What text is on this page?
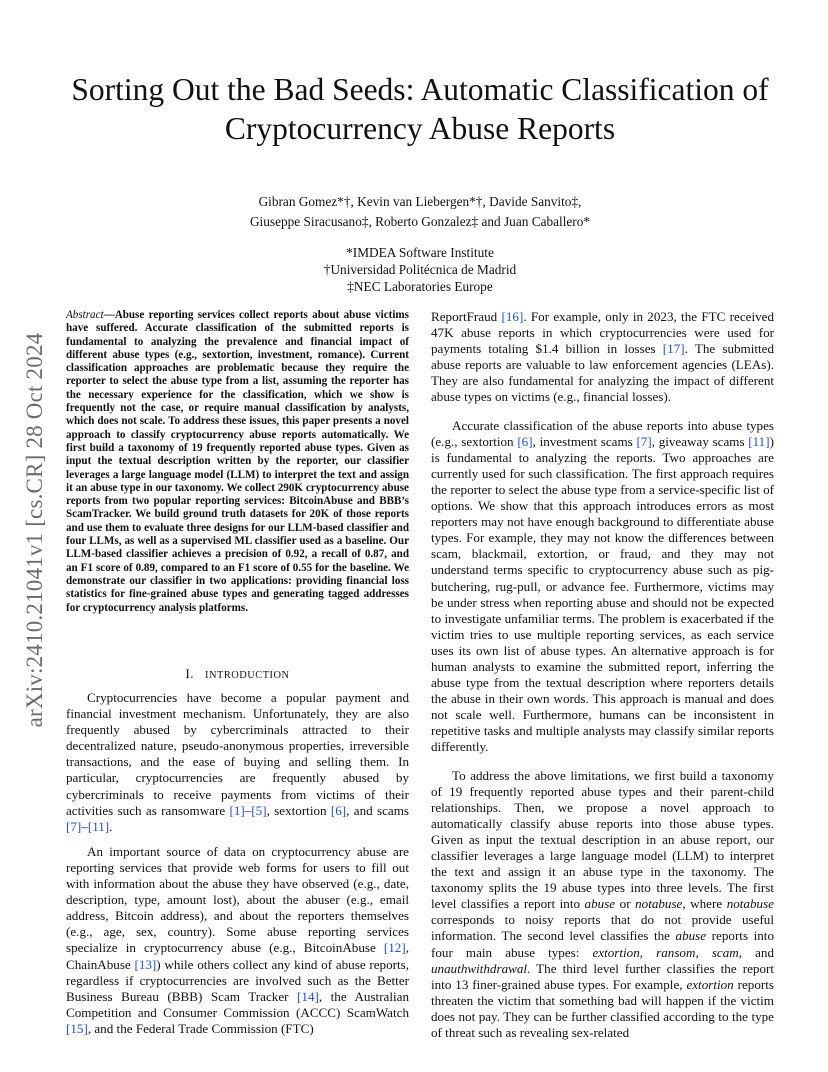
Sorting Out the Bad Seeds: Automatic Classification of Cryptocurrency Abuse Reports
Gibran Gomez*†, Kevin van Liebergen*†, Davide Sanvito‡,
Giuseppe Siracusano‡, Roberto Gonzalez‡ and Juan Caballero*
*IMDEA Software Institute
†Universidad Politécnica de Madrid
‡NEC Laboratories Europe
arXiv:2410.21041v1 [cs.CR] 28 Oct 2024
Abstract—Abuse reporting services collect reports about abuse victims have suffered. Accurate classification of the submitted reports is fundamental to analyzing the prevalence and financial impact of different abuse types (e.g., sextortion, investment, romance). Current classification approaches are problematic because they require the reporter to select the abuse type from a list, assuming the reporter has the necessary experience for the classification, which we show is frequently not the case, or require manual classification by analysts, which does not scale. To address these issues, this paper presents a novel approach to classify cryptocurrency abuse reports automatically. We first build a taxonomy of 19 frequently reported abuse types. Given as input the textual description written by the reporter, our classifier leverages a large language model (LLM) to interpret the text and assign it an abuse type in our taxonomy. We collect 290K cryptocurrency abuse reports from two popular reporting services: BitcoinAbuse and BBB’s ScamTracker. We build ground truth datasets for 20K of those reports and use them to evaluate three designs for our LLM-based classifier and four LLMs, as well as a supervised ML classifier used as a baseline. Our LLM-based classifier achieves a precision of 0.92, a recall of 0.87, and an F1 score of 0.89, compared to an F1 score of 0.55 for the baseline. We demonstrate our classifier in two applications: providing financial loss statistics for fine-grained abuse types and generating tagged addresses for cryptocurrency analysis platforms.
I. INTRODUCTION

Cryptocurrencies have become a popular payment and financial investment mechanism. Unfortunately, they are also frequently abused by cybercriminals attracted to their decentralized nature, pseudo-anonymous properties, irreversible transactions, and the ease of buying and selling them. In particular, cryptocurrencies are frequently abused by cybercriminals to receive payments from victims of their activities such as ransomware [1]–[5], sextortion [6], and scams [7]–[11].

An important source of data on cryptocurrency abuse are reporting services that provide web forms for users to fill out with information about the abuse they have observed (e.g., date, description, type, amount lost), about the abuser (e.g., email address, Bitcoin address), and about the reporters themselves (e.g., age, sex, country). Some abuse reporting services specialize in cryptocurrency abuse (e.g., BitcoinAbuse [12], ChainAbuse [13]) while others collect any kind of abuse reports, regardless if cryptocurrencies are involved such as the Better Business Bureau (BBB) Scam Tracker [14], the Australian Competition and Consumer Commission (ACCC) ScamWatch [15], and the Federal Trade Commission (FTC)

ReportFraud [16]. For example, only in 2023, the FTC received 47K abuse reports in which cryptocurrencies were used for payments totaling $1.4 billion in losses [17]. The submitted abuse reports are valuable to law enforcement agencies (LEAs). They are also fundamental for analyzing the impact of different abuse types on victims (e.g., financial losses).

Accurate classification of the abuse reports into abuse types (e.g., sextortion [6], investment scams [7], giveaway scams [11]) is fundamental to analyzing the reports. Two approaches are currently used for such classification. The first approach requires the reporter to select the abuse type from a service-specific list of options. We show that this approach introduces errors as most reporters may not have enough background to differentiate abuse types. For example, they may not know the differences between scam, blackmail, extortion, or fraud, and they may not understand terms specific to cryptocurrency abuse such as pig-butchering, rug-pull, or advance fee. Furthermore, victims may be under stress when reporting abuse and should not be expected to investigate unfamiliar terms. The problem is exacerbated if the victim tries to use multiple reporting services, as each service uses its own list of abuse types. An alternative approach is for human analysts to examine the submitted report, inferring the abuse type from the textual description where reporters details the abuse in their own words. This approach is manual and does not scale well. Furthermore, humans can be inconsistent in repetitive tasks and multiple analysts may classify similar reports differently.

To address the above limitations, we first build a taxonomy of 19 frequently reported abuse types and their parent-child relationships. Then, we propose a novel approach to automatically classify abuse reports into those abuse types. Given as input the textual description in an abuse report, our classifier leverages a large language model (LLM) to interpret the text and assign it an abuse type in the taxonomy. The taxonomy splits the 19 abuse types into three levels. The first level classifies a report into abuse or notabuse, where notabuse corresponds to noisy reports that do not provide useful information. The second level classifies the abuse reports into four main abuse types: extortion, ransom, scam, and unauthwithdrawal. The third level further classifies the report into 13 finer-grained abuse types. For example, extortion reports threaten the victim that something bad will happen if the victim does not pay. They can be further classified according to the type of threat such as revealing sex-related
